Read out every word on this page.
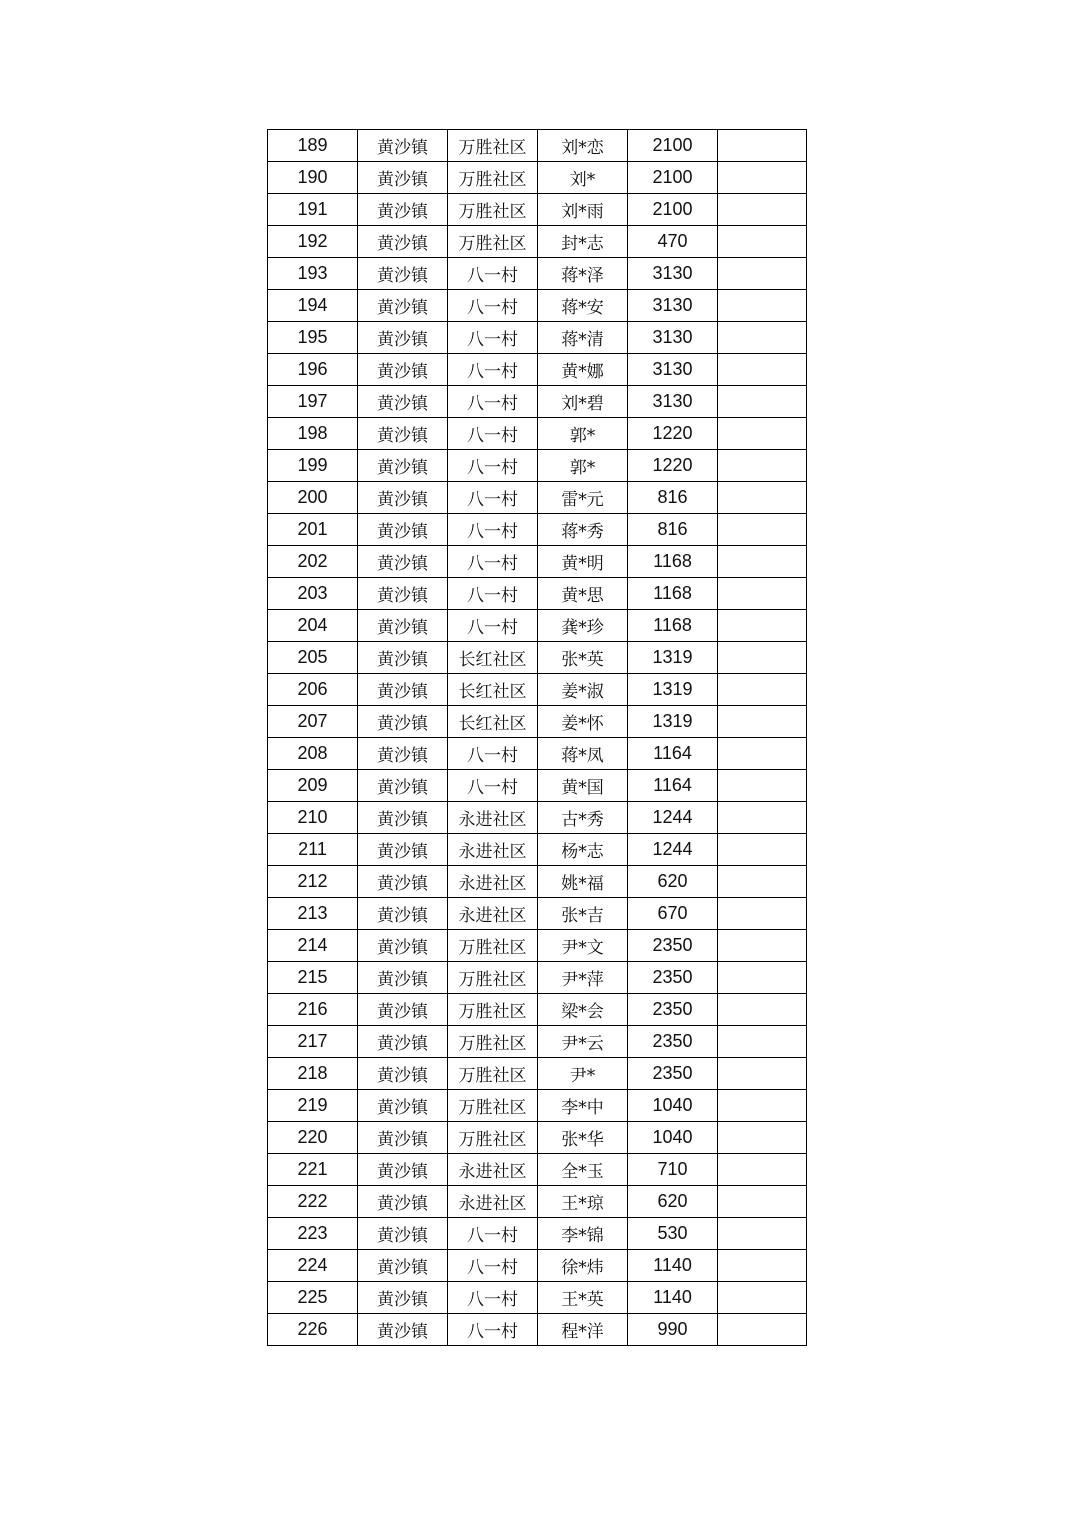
189	黄沙镇	万胜社区	刘*恋	2100	
190	黄沙镇	万胜社区	刘*	2100	
191	黄沙镇	万胜社区	刘*雨	2100	
192	黄沙镇	万胜社区	封*志	470	
193	黄沙镇	八一村	蒋*泽	3130	
194	黄沙镇	八一村	蒋*安	3130	
195	黄沙镇	八一村	蒋*清	3130	
196	黄沙镇	八一村	黄*娜	3130	
197	黄沙镇	八一村	刘*碧	3130	
198	黄沙镇	八一村	郭*	1220	
199	黄沙镇	八一村	郭*	1220	
200	黄沙镇	八一村	雷*元	816	
201	黄沙镇	八一村	蒋*秀	816	
202	黄沙镇	八一村	黄*明	1168	
203	黄沙镇	八一村	黄*思	1168	
204	黄沙镇	八一村	龚*珍	1168	
205	黄沙镇	长红社区	张*英	1319	
206	黄沙镇	长红社区	姜*淑	1319	
207	黄沙镇	长红社区	姜*怀	1319	
208	黄沙镇	八一村	蒋*凤	1164	
209	黄沙镇	八一村	黄*国	1164	
210	黄沙镇	永进社区	古*秀	1244	
211	黄沙镇	永进社区	杨*志	1244	
212	黄沙镇	永进社区	姚*福	620	
213	黄沙镇	永进社区	张*吉	670	
214	黄沙镇	万胜社区	尹*文	2350	
215	黄沙镇	万胜社区	尹*萍	2350	
216	黄沙镇	万胜社区	梁*会	2350	
217	黄沙镇	万胜社区	尹*云	2350	
218	黄沙镇	万胜社区	尹*	2350	
219	黄沙镇	万胜社区	李*中	1040	
220	黄沙镇	万胜社区	张*华	1040	
221	黄沙镇	永进社区	全*玉	710	
222	黄沙镇	永进社区	王*琼	620	
223	黄沙镇	八一村	李*锦	530	
224	黄沙镇	八一村	徐*炜	1140	
225	黄沙镇	八一村	王*英	1140	
226	黄沙镇	八一村	程*洋	990	
